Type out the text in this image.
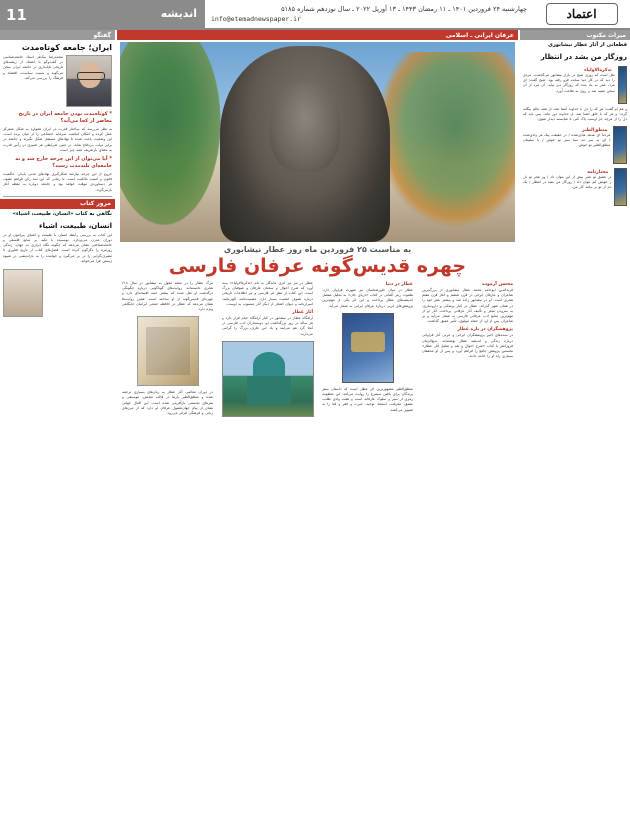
11	اندیشه	چهارشنبه ۲۴ فروردین ۱۴۰۱ ـ ۱۱ رمضان ۱۴۴۳ ـ ۱۳ آوریل ۲۰۲۲ ـ سال نوزدهم شماره ۵۱۸۵
info@etemadnewspaper.ir	اعتماد
گفتگو
ایران؛ جامعه کوتاه‌مدت
محمدرضا نیک‌فر استاد جامعه‌شناسی در گفت‌وگو با اعتماد از ریشه‌های تاریخی ناپایداری در جامعه ایران سخن می‌گوید و نسبت سیاست، اقتصاد و فرهنگ را بررسی می‌کند.
* کوتاه‌مدت بودن جامعه ایران در تاریخ معاصر از کجا می‌آید؟
به نظر می‌رسد که ساختار قدرت در ایران همواره به شکل متمرکز عمل کرده و امکان انباشت سرمایه اجتماعی را از میان برده است. این وضعیت باعث شده تا نهادهای مستقل شکل نگیرند و جامعه در برابر دولت بی‌دفاع بماند. در چنین شرایطی هر تغییری در رأس قدرت به معنای بازتعریف همه چیز است.
* آیا می‌توان از این چرخه خارج شد و به جامعه‌ای بلندمدت رسید؟
خروج از این چرخه نیازمند شکل‌گیری نهادهای مدنی پایدار، حاکمیت قانون و امنیت مالکیت است. تا زمانی که این سه رکن فراهم نشود، هر دستاوردی موقت خواهد بود و جامعه دوباره به نقطه آغاز بازمی‌گردد.
مرور کتاب
نگاهی به کتاب «انسان، طبیعت، اشیاء»
انسان، طبیعت، اشیاء
این کتاب به بررسی رابطه انسان با طبیعت و اشیای پیرامون او در دوران مدرن می‌پردازد. نویسنده با تکیه بر منابع فلسفی و جامعه‌شناختی نشان می‌دهد که چگونه نگاه ابزاری به جهان، زندگی روزمره را دگرگون کرده است. فصل‌های کتاب از تاریخ فناوری تا مصرف‌گرایی را در بر می‌گیرد و خواننده را به بازاندیشی در شیوه زیستن فرا می‌خواند.
عرفان ایرانی ـ اسلامی
به مناسبت ۲۵ فروردین ماه روز عطار نیشابوری
چهره قدیس‌گونه عرفان فارسی
مرگ عطار را در حمله مغول به نیشابور در سال ۶۱۸ هجری دانسته‌اند. روایت‌های گوناگونی درباره چگونگی درگذشت او نقل شده که بیشتر جنبه افسانه‌ای دارد و چهره‌ای قدیس‌گونه از او ساخته است. همین روایت‌ها نشان می‌دهد که عطار در حافظه جمعی ایرانیان جایگاهی ویژه دارد.
در دوران معاصر، آثار عطار به زبان‌های بسیاری ترجمه شده و منطق‌الطیر بارها در قالب نمایش، موسیقی و هنرهای تجسمی بازآفرینی شده است. این اقبال جهانی نشان از پیام جهان‌شمول عرفان او دارد که از مرزهای زبانی و فرهنگی فراتر می‌رود.
عطار در نثر نیز اثری ماندگار به نام «تذکرة‌الاولیاء» پدید آورد که شرح احوال و سخنان عارفان و صوفیان بزرگ است. این کتاب از نظر نثر فارسی و نیز اطلاعات تاریخی درباره تصوف اهمیت بسیار دارد. مصیبت‌نامه، الهی‌نامه، اسرارنامه و دیوان اشعار از دیگر آثار منسوب به اوست.
آثار عطار
آرامگاه عطار در نیشابور در کنار آرامگاه خیام قرار دارد و هر ساله در روز بزرگداشت او، دوستداران ادب فارسی در آنجا گرد هم می‌آیند و یاد این عارف بزرگ را گرامی می‌دارند.
عطار در دنیا
عطار در میان خاورشناسان نیز شهرت فراوان دارد. هلموت ریتر آلمانی در کتاب «دریای جان» به تحلیل مفصل اندیشه‌های عطار پرداخت و این اثر یکی از مهم‌ترین پژوهش‌های غربی درباره عرفان ایرانی به شمار می‌آید.
منطق‌الطیر مشهورترین اثر عطار است که داستان سفر پرندگان برای یافتن سیمرغ را روایت می‌کند. این منظومه رمزی از سیر و سلوک عارفانه است و هفت وادی طلب، عشق، معرفت، استغنا، توحید، حیرت و فقر و فنا را به تصویر می‌کشد.
محسن آرموده
فریدالدین ابوحامد محمد عطار نیشابوری از بزرگ‌ترین شاعران و عارفان ایرانی در قرن ششم و آغاز قرن هفتم هجری است. او در نیشابور زاده شد و بیشتر عمر خود را در همان شهر گذراند. عطار در کنار پزشکی و داروسازی، به سرودن شعر و تألیف آثار عرفانی پرداخت. آثار او از مهم‌ترین منابع ادب عرفانی فارسی به شمار می‌آید و بر شاعران پس از او، از جمله مولوی، تأثیر عمیق گذاشت.
پژوهشگران در باره عطار
در سده‌های اخیر پژوهشگران ایرانی و غربی آثار فراوانی درباره زندگی و اندیشه عطار نوشته‌اند. بدیع‌الزمان فروزانفر با کتاب «شرح احوال و نقد و تحلیل آثار عطار» نخستین پژوهش جامع را فراهم آورد و پس از او محققان بسیاری راه او را ادامه دادند.
میراث مکتوب
قطعاتی از آثار عطار نیشابوری
روزگار من بشد در انتظار
تذکرة‌الاولیاء
نقل است که روزی شیخ در بازار نیشابور می‌گذشت. مردی را دید که در کار دنیا سخت فرو رفته بود. شیخ گفت: ای مرد، عمر به باد مده که روزگار دیر نپاید. آن مرد از آن سخن متنبه شد و روی به طاعت آورد.
و هم او گفت: هر که را دل با خداوند آشنا شد، از همه عالم بیگانه گردد؛ و هر که با خلق آشنا شد، از خداوند دور ماند. پس باید که دل را از هرچه جز اوست پاک کنی تا شایسته دیدار شوی.
منطق‌الطیر
مرحبا ای هدهد هادی‌شده / در حقیقت پیک هر وادی‌شده / ای به سر حد سبا سیر تو خوش / با سلیمان منطق‌الطیر تو خوش.
مختارنامه
در عشق تو عمر بیش از این نتوان داد / وز هجر تو دل ز خویش کم نتوان داد / روزگار من بشد در انتظار / یک دم از تو بر نیامد کار من.
